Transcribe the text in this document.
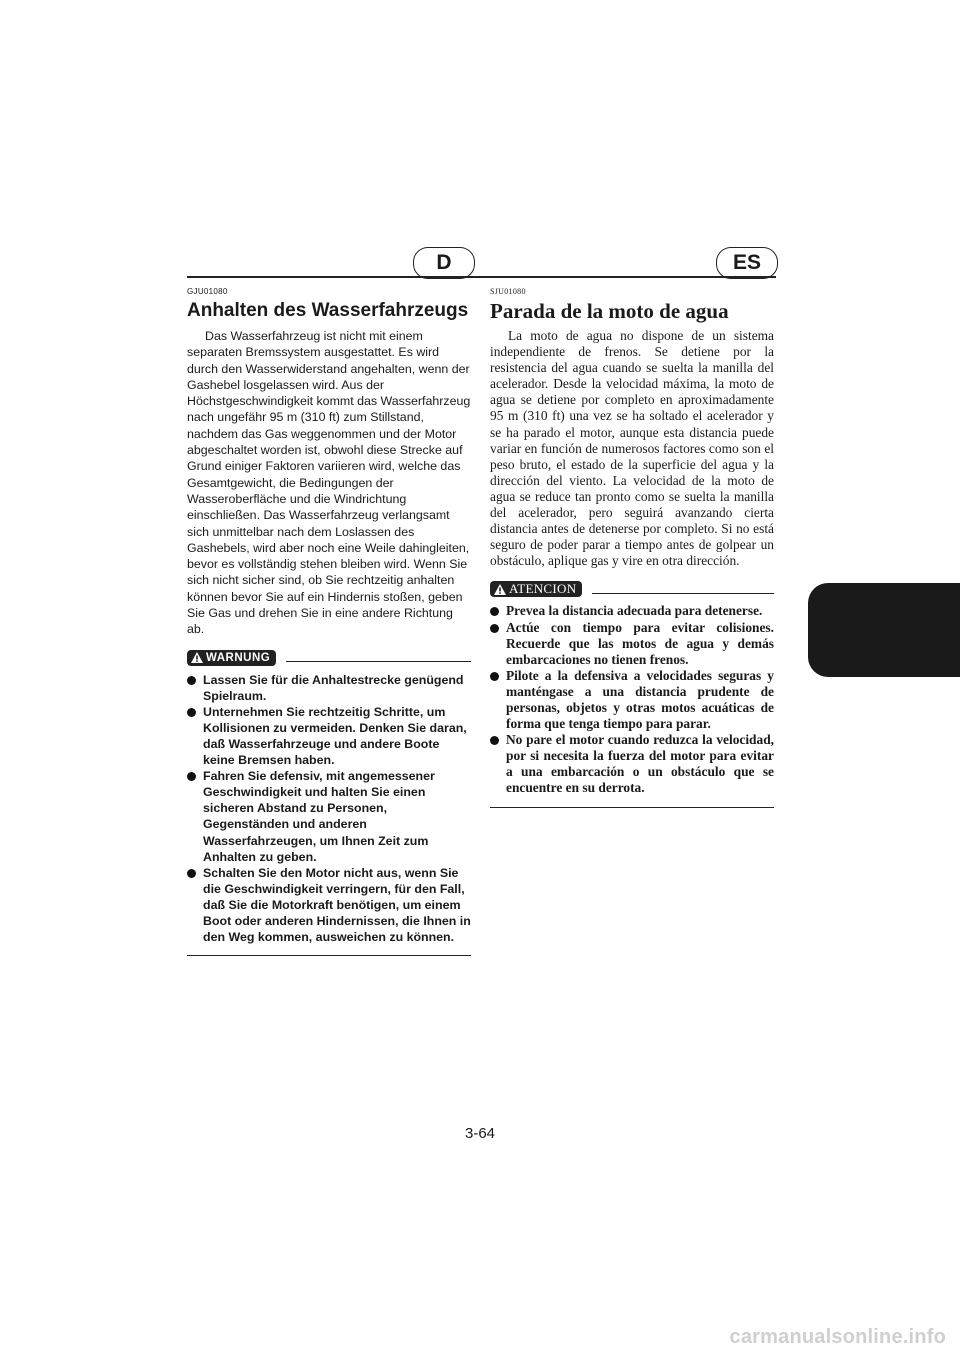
D	ES
GJU01080
Anhalten des Wasserfahrzeugs

Das Wasserfahrzeug ist nicht mit einem separaten Bremssystem ausgestattet. Es wird durch den Wasserwiderstand angehalten, wenn der Gashebel losgelassen wird. Aus der Höchstgeschwindigkeit kommt das Wasserfahrzeug nach ungefähr 95 m (310 ft) zum Stillstand, nachdem das Gas weggenommen und der Motor abgeschaltet worden ist, obwohl diese Strecke auf Grund einiger Faktoren variieren wird, welche das Gesamtgewicht, die Bedingungen der Wasseroberfläche und die Windrichtung einschließen. Das Wasserfahrzeug verlangsamt sich unmittelbar nach dem Loslassen des Gashebels, wird aber noch eine Weile dahingleiten, bevor es vollständig stehen bleiben wird. Wenn Sie sich nicht sicher sind, ob Sie rechtzeitig anhalten können bevor Sie auf ein Hindernis stoßen, geben Sie Gas und drehen Sie in eine andere Richtung ab.

WARNUNG
Lassen Sie für die Anhaltestrecke genügend Spielraum.
Unternehmen Sie rechtzeitig Schritte, um Kollisionen zu vermeiden. Denken Sie daran, daß Wasserfahrzeuge und andere Boote keine Bremsen haben.
Fahren Sie defensiv, mit angemessener Geschwindigkeit und halten Sie einen sicheren Abstand zu Personen, Gegenständen und anderen Wasserfahrzeugen, um Ihnen Zeit zum Anhalten zu geben.
Schalten Sie den Motor nicht aus, wenn Sie die Geschwindigkeit verringern, für den Fall, daß Sie die Motorkraft benötigen, um einem Boot oder anderen Hindernissen, die Ihnen in den Weg kommen, ausweichen zu können.
SJU01080
Parada de la moto de agua

La moto de agua no dispone de un sistema independiente de frenos. Se detiene por la resistencia del agua cuando se suelta la manilla del acelerador. Desde la velocidad máxima, la moto de agua se detiene por completo en aproximadamente 95 m (310 ft) una vez se ha soltado el acelerador y se ha parado el motor, aunque esta distancia puede variar en función de numerosos factores como son el peso bruto, el estado de la superficie del agua y la dirección del viento. La velocidad de la moto de agua se reduce tan pronto como se suelta la manilla del acelerador, pero seguirá avanzando cierta distancia antes de detenerse por completo. Si no está seguro de poder parar a tiempo antes de golpear un obstáculo, aplique gas y vire en otra dirección.

ATENCION
Prevea la distancia adecuada para detenerse.
Actúe con tiempo para evitar colisiones. Recuerde que las motos de agua y demás embarcaciones no tienen frenos.
Pilote a la defensiva a velocidades seguras y manténgase a una distancia prudente de personas, objetos y otras motos acuáticas de forma que tenga tiempo para parar.
No pare el motor cuando reduzca la velocidad, por si necesita la fuerza del motor para evitar a una embarcación o un obstáculo que se encuentre en su derrota.
3-64
carmanualsonline.info
